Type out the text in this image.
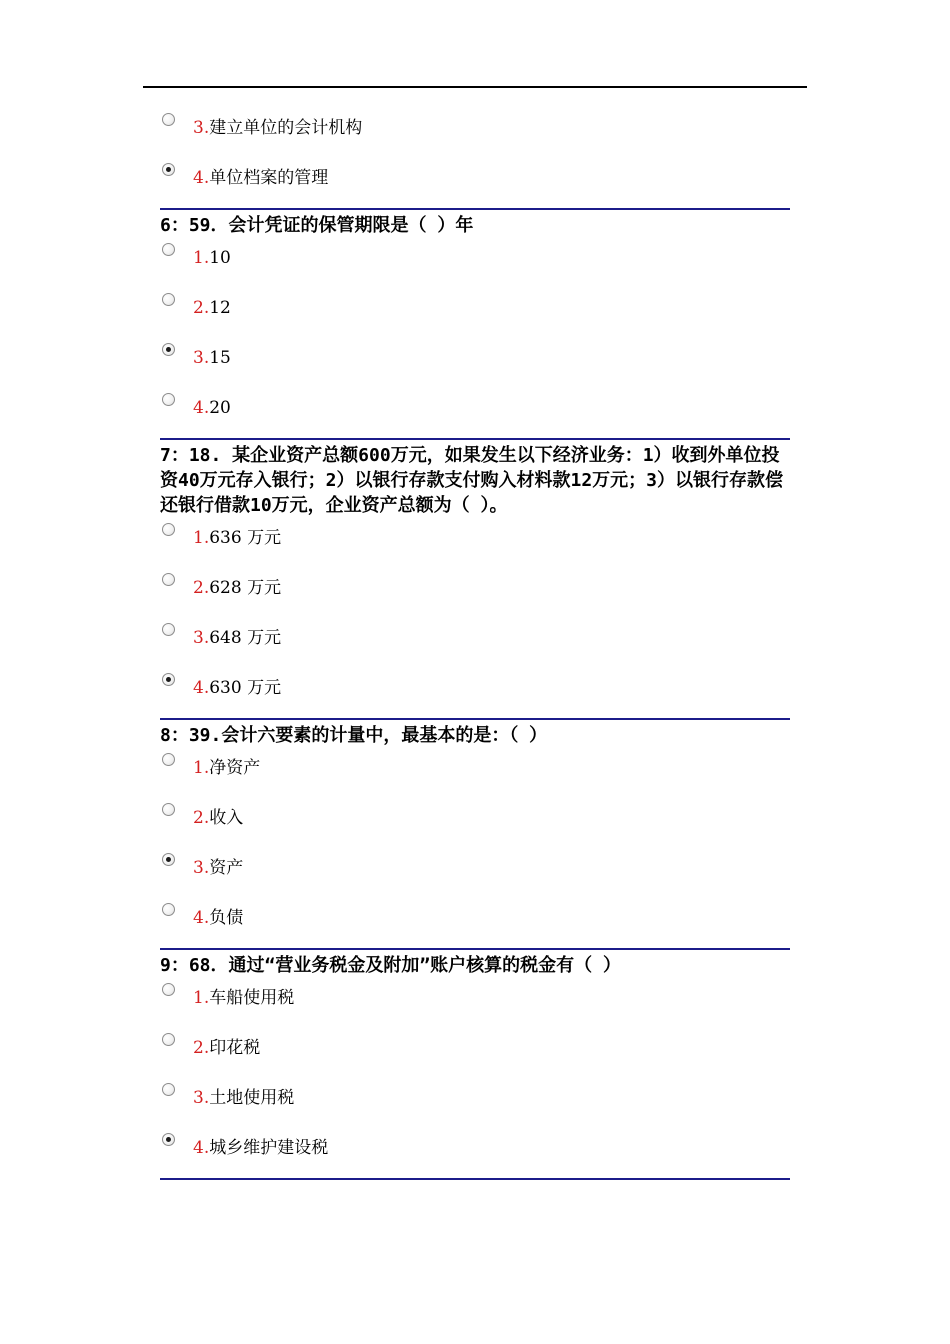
3.建立单位的会计机构
4.单位档案的管理
6：59．会计凭证的保管期限是（ ）年
1.10
2.12
3.15
4.20
7：18. 某企业资产总额600万元，如果发生以下经济业务：1）收到外单位投资40万元存入银行；2）以银行存款支付购入材料款12万元；3）以银行存款偿还银行借款10万元，企业资产总额为（ ）。
1.636 万元
2.628 万元
3.648 万元
4.630 万元
8：39.会计六要素的计量中，最基本的是：（ ）
1.净资产
2.收入
3.资产
4.负债
9：68．通过“营业务税金及附加”账户核算的税金有（ ）
1.车船使用税
2.印花税
3.土地使用税
4.城乡维护建设税
